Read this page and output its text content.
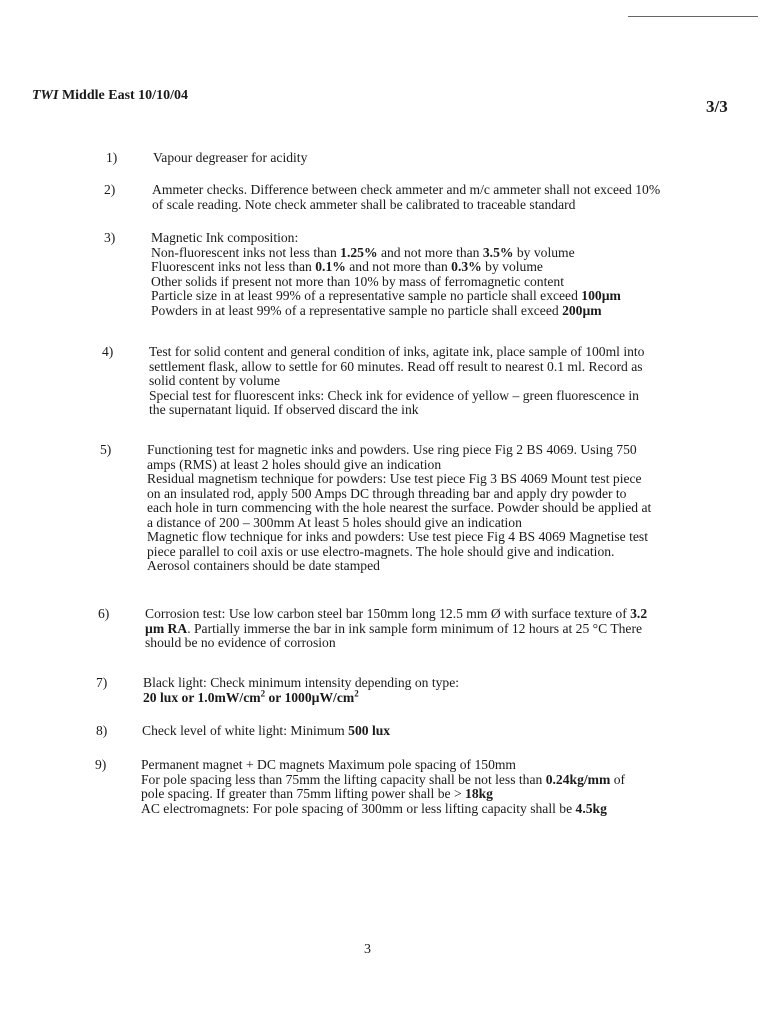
TWI Middle East 10/10/04
3/3
1)	Vapour degreaser for acidity
2)	Ammeter checks. Difference between check ammeter and m/c ammeter shall not exceed 10%
of scale reading. Note check ammeter shall be calibrated to traceable standard
3)	Magnetic Ink composition:
Non-fluorescent inks not less than 1.25% and not more than 3.5% by volume
Fluorescent inks not less than 0.1% and not more than 0.3% by volume
Other solids if present not more than 10% by mass of ferromagnetic content
Particle size in at least 99% of a representative sample no particle shall exceed 100µm
Powders in at least 99% of a representative sample no particle shall exceed 200µm
4)	Test for solid content and general condition of inks, agitate ink, place sample of 100ml into
settlement flask, allow to settle for 60 minutes. Read off result to nearest 0.1 ml. Record as
solid content by volume
Special test for fluorescent inks: Check ink for evidence of yellow – green fluorescence in
the supernatant liquid. If observed discard the ink
5)	Functioning test for magnetic inks and powders. Use ring piece Fig 2 BS 4069. Using 750
amps (RMS) at least 2 holes should give an indication
Residual magnetism technique for powders: Use test piece Fig 3 BS 4069 Mount test piece
on an insulated rod, apply 500 Amps DC through threading bar and apply dry powder to
each hole in turn commencing with the hole nearest the surface. Powder should be applied at
a distance of 200 – 300mm At least 5 holes should give an indication
Magnetic flow technique for inks and powders: Use test piece Fig 4 BS 4069 Magnetise test
piece parallel to coil axis or use electro-magnets. The hole should give and indication.
Aerosol containers should be date stamped
6)	Corrosion test: Use low carbon steel bar 150mm long 12.5 mm Ø with surface texture of 3.2
µm RA. Partially immerse the bar in ink sample form minimum of 12 hours at 25 °C There
should be no evidence of corrosion
7)	Black light: Check minimum intensity depending on type:
20 lux or $1.0mW/cm^2$ or $1000\mu W/cm^2$
8)	Check level of white light: Minimum 500 lux
9)	Permanent magnet + DC magnets Maximum pole spacing of 150mm
For pole spacing less than 75mm the lifting capacity shall be not less than 0.24kg/mm of
pole spacing. If greater than 75mm lifting power shall be > 18kg
AC electromagnets: For pole spacing of 300mm or less lifting capacity shall be 4.5kg
3
